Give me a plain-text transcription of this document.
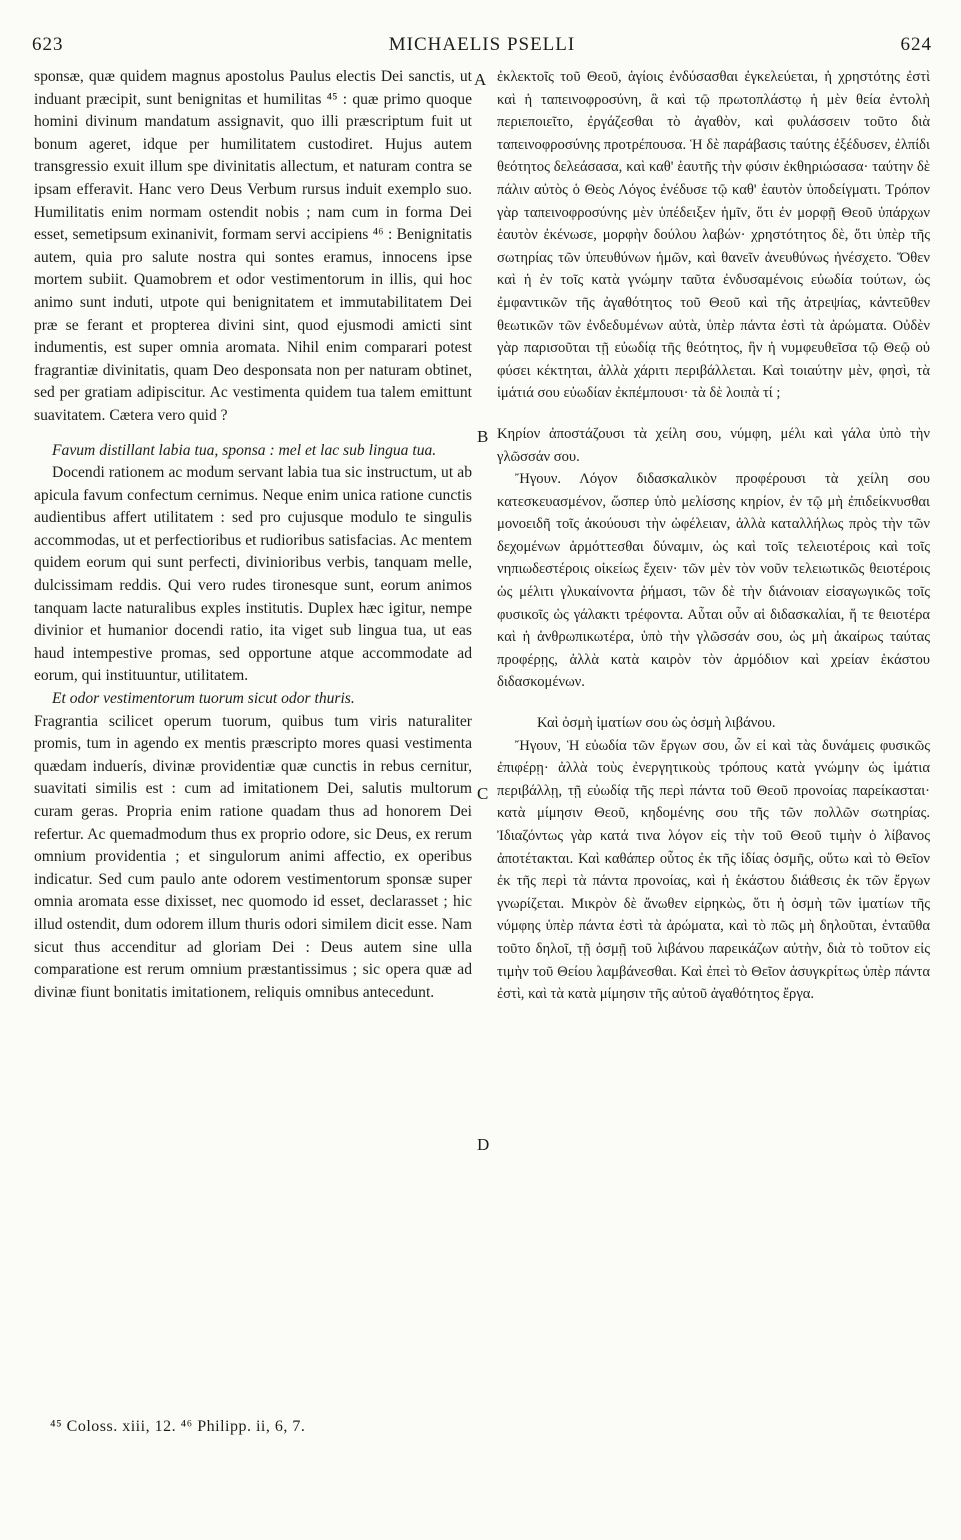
623	MICHAELIS PSELLI	624

sponsæ, quæ quidem magnus apostolus Paulus electis Dei sanctis, ut induant præcipit, sunt benignitas et humilitas ⁴⁵ : quæ primo quoque homini divinum mandatum assignavit, quo illi præscriptum fuit ut bonum ageret, idque per humilitatem custodiret. Hujus autem transgressio exuit illum spe divinitatis allectum, et naturam contra se ipsam efferavit. Hanc vero Deus Verbum rursus induit exemplo suo. Humilitatis enim normam ostendit nobis ; nam cum in forma Dei esset, semetipsum exinanivit, formam servi accipiens ⁴⁶ : Benignitatis autem, quia pro salute nostra qui sontes eramus, innocens ipse mortem subiit. Quamobrem et odor vestimentorum in illis, qui hoc animo sunt induti, utpote qui benignitatem et immutabilitatem Dei præ se ferant et propterea divini sint, quod ejusmodi amicti sint indumentis, est super omnia aromata. Nihil enim comparari potest fragrantiæ divinitatis, quam Deo desponsata non per naturam obtinet, sed per gratiam adipiscitur. Ac vestimenta quidem tua talem emittunt suavitatem. Cætera vero quid ?

Favum distillant labia tua, sponsa : mel et lac sub lingua tua.

Docendi rationem ac modum servant labia tua sic instructum, ut ab apicula favum confectum cernimus. Neque enim unica ratione cunctis audientibus affert utilitatem : sed pro cujusque modulo te singulis accommodas, ut et perfectioribus et rudioribus satisfacias. Ac mentem quidem eorum qui sunt perfecti, divinioribus verbis, tanquam melle, dulcissimam reddis. Qui vero rudes tironesque sunt, eorum animos tanquam lacte naturalibus exples institutis. Duplex hæc igitur, nempe divinior et humanior docendi ratio, ita viget sub lingua tua, ut eas haud intempestive promas, sed opportune atque accommodate ad eorum, qui instituuntur, utilitatem.

Et odor vestimentorum tuorum sicut odor thuris.

Fragrantia scilicet operum tuorum, quibus tum viris naturaliter promis, tum in agendo ex mentis præscripto mores quasi vestimenta quædam induerís, divinæ providentiæ quæ cunctis in rebus cernitur, suavitati similis est : cum ad imitationem Dei, salutis multorum curam geras. Propria enim ratione quadam thus ad honorem Dei refertur. Ac quemadmodum thus ex proprio odore, sic Deus, ex rerum omnium providentia ; et singulorum animi affectio, ex operibus indicatur. Sed cum paulo ante odorem vestimentorum sponsæ super omnia aromata esse dixisset, nec quomodo id esset, declarasset ; hic illud ostendit, dum odorem illum thuris odori similem dicit esse. Nam sicut thus accenditur ad gloriam Dei : Deus autem sine ulla comparatione est rerum omnium præstantissimus ; sic opera quæ ad divinæ fiunt bonitatis imitationem, reliquis omnibus antecedunt.

ἐκλεκτοῖς τοῦ Θεοῦ, ἁγίοις ἐνδύσασθαι ἐγκελεύεται, ἡ χρηστότης ἐστὶ καὶ ἡ ταπεινοφροσύνη, ἃ καὶ τῷ πρωτοπλάστῳ ἡ μὲν θεία ἐντολὴ περιεποιεῖτο, ἐργάζεσθαι τὸ ἀγαθὸν, καὶ φυλάσσειν τοῦτο διὰ ταπεινοφροσύνης προτρέπουσα. Ἡ δὲ παράβασις ταύτης ἐξέδυσεν, ἐλπίδι θεότητος δελεάσασα, καὶ καθ' ἑαυτῆς τὴν φύσιν ἐκθηριώσασα· ταύτην δὲ πάλιν αὐτὸς ὁ Θεὸς Λόγος ἐνέδυσε τῷ καθ' ἑαυτὸν ὑποδείγματι. Τρόπον γὰρ ταπεινοφροσύνης μὲν ὑπέδειξεν ἡμῖν, ὅτι ἐν μορφῇ Θεοῦ ὑπάρχων ἑαυτὸν ἐκένωσε, μορφὴν δούλου λαβών· χρηστότητος δὲ, ὅτι ὑπὲρ τῆς σωτηρίας τῶν ὑπευθύνων ἡμῶν, καὶ θανεῖν ἀνευθύνως ἠνέσχετο. Ὅθεν καὶ ἡ ἐν τοῖς κατὰ γνώμην ταῦτα ἐνδυσαμένοις εὐωδία τούτων, ὡς ἐμφαντικῶν τῆς ἀγαθότητος τοῦ Θεοῦ καὶ τῆς ἀτρεψίας, κἀντεῦθεν θεωτικῶν τῶν ἐνδεδυμένων αὐτὰ, ὑπὲρ πάντα ἐστὶ τὰ ἀρώματα. Οὐδὲν γὰρ παρισοῦται τῇ εὐωδίᾳ τῆς θεότητος, ἣν ἡ νυμφευθεῖσα τῷ Θεῷ οὐ φύσει κέκτηται, ἀλλὰ χάριτι περιβάλλεται. Καὶ τοιαύτην μὲν, φησὶ, τὰ ἱμάτιά σου εὐωδίαν ἐκπέμπουσι· τὰ δὲ λοιπὰ τί ;

Κηρίον ἀποστάζουσι τὰ χείλη σου, νύμφη, μέλι καὶ γάλα ὑπὸ τὴν γλῶσσάν σου.

Ἤγουν. Λόγον διδασκαλικὸν προφέρουσι τὰ χείλη σου κατεσκευασμένον, ὥσπερ ὑπὸ μελίσσης κηρίον, ἐν τῷ μὴ ἐπιδείκνυσθαι μονοειδῆ τοῖς ἀκούουσι τὴν ὠφέλειαν, ἀλλὰ καταλλήλως πρὸς τὴν τῶν δεχομένων ἁρμόττεσθαι δύναμιν, ὡς καὶ τοῖς τελειοτέροις καὶ τοῖς νηπιωδεστέροις οἰκείως ἔχειν· τῶν μὲν τὸν νοῦν τελειωτικῶς θειοτέροις ὡς μέλιτι γλυκαίνοντα ῥήμασι, τῶν δὲ τὴν διάνοιαν εἰσαγωγικῶς τοῖς φυσικοῖς ὡς γάλακτι τρέφοντα. Αὗται οὖν αἱ διδασκαλίαι, ἥ τε θειοτέρα καὶ ἡ ἀνθρωπικωτέρα, ὑπὸ τὴν γλῶσσάν σου, ὡς μὴ ἀκαίρως ταύτας προφέρῃς, ἀλλὰ κατὰ καιρὸν τὸν ἁρμόδιον καὶ χρείαν ἑκάστου διδασκομένων.

Καὶ ὀσμὴ ἱματίων σου ὡς ὀσμὴ λιβάνου.

Ἤγουν, Ἡ εὐωδία τῶν ἔργων σου, ὧν εἰ καὶ τὰς δυνάμεις φυσικῶς ἐπιφέρῃ· ἀλλὰ τοὺς ἐνεργητικοὺς τρόπους κατὰ γνώμην ὡς ἱμάτια περιβάλλῃ, τῇ εὐωδίᾳ τῆς περὶ πάντα τοῦ Θεοῦ προνοίας παρείκασται· κατὰ μίμησιν Θεοῦ, κηδομένης σου τῆς τῶν πολλῶν σωτηρίας. Ἰδιαζόντως γὰρ κατά τινα λόγον εἰς τὴν τοῦ Θεοῦ τιμὴν ὁ λίβανος ἀποτέτακται. Καὶ καθάπερ οὗτος ἐκ τῆς ἰδίας ὀσμῆς, οὕτω καὶ τὸ Θεῖον ἐκ τῆς περὶ τὰ πάντα προνοίας, καὶ ἡ ἑκάστου διάθεσις ἐκ τῶν ἔργων γνωρίζεται. Μικρὸν δὲ ἄνωθεν εἰρηκὼς, ὅτι ἡ ὀσμὴ τῶν ἱματίων τῆς νύμφης ὑπὲρ πάντα ἐστὶ τὰ ἀρώματα, καὶ τὸ πῶς μὴ δηλοῦται, ἐνταῦθα τοῦτο δηλοῖ, τῇ ὀσμῇ τοῦ λιβάνου παρεικάζων αὐτὴν, διὰ τὸ τοῦτον εἰς τιμὴν τοῦ Θείου λαμβάνεσθαι. Καὶ ἐπεὶ τὸ Θεῖον ἀσυγκρίτως ὑπὲρ πάντα ἐστὶ, καὶ τὰ κατὰ μίμησιν τῆς αὐτοῦ ἀγαθότητος ἔργα.

A
B
C
D
⁴⁵ Coloss. xiii, 12. ⁴⁶ Philipp. ii, 6, 7.
